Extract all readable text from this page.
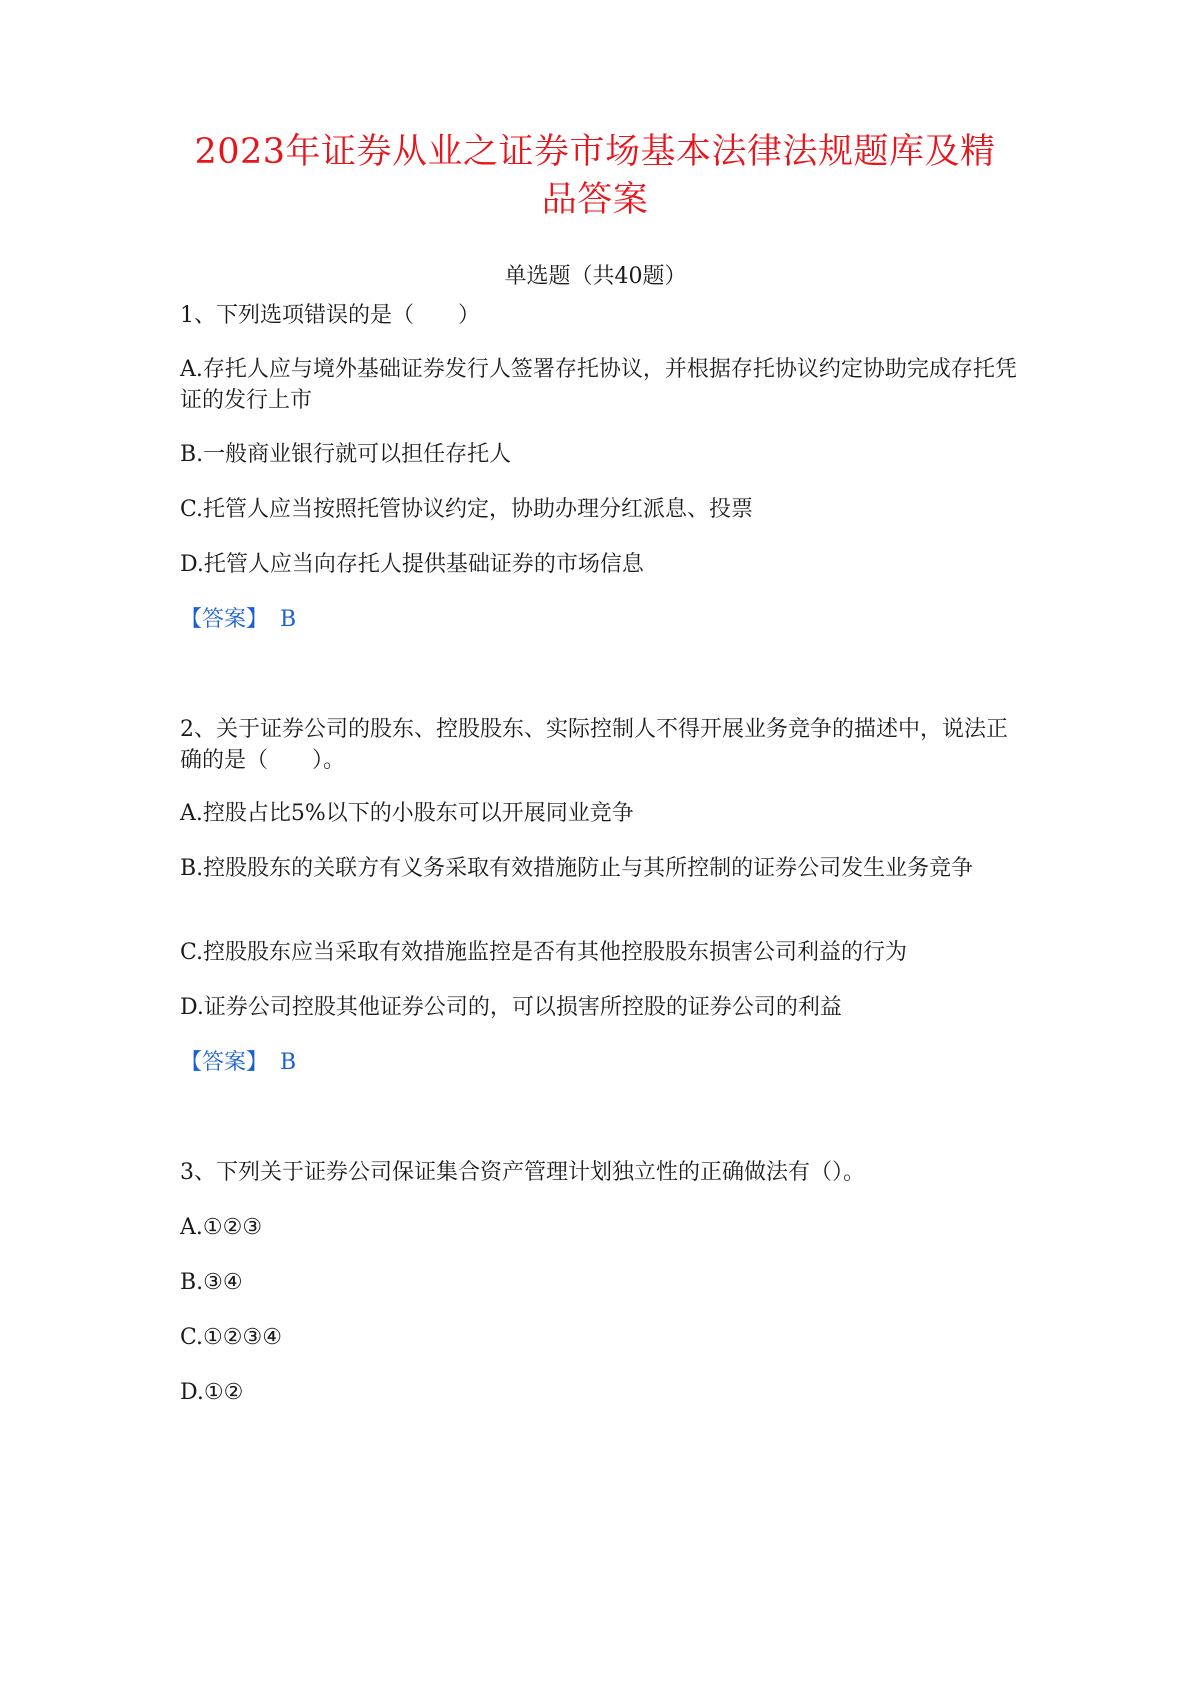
2023年证券从业之证券市场基本法律法规题库及精品答案
单选题（共40题）
1、下列选项错误的是（　　）
A.存托人应与境外基础证券发行人签署存托协议，并根据存托协议约定协助完成存托凭证的发行上市
B.一般商业银行就可以担任存托人
C.托管人应当按照托管协议约定，协助办理分红派息、投票
D.托管人应当向存托人提供基础证券的市场信息
【答案】 B
2、关于证券公司的股东、控股股东、实际控制人不得开展业务竞争的描述中，说法正确的是（　　）。
A.控股占比5%以下的小股东可以开展同业竞争
B.控股股东的关联方有义务采取有效措施防止与其所控制的证券公司发生业务竞争
C.控股股东应当采取有效措施监控是否有其他控股股东损害公司利益的行为
D.证券公司控股其他证券公司的，可以损害所控股的证券公司的利益
【答案】 B
3、下列关于证券公司保证集合资产管理计划独立性的正确做法有（）。
A.①②③
B.③④
C.①②③④
D.①②
